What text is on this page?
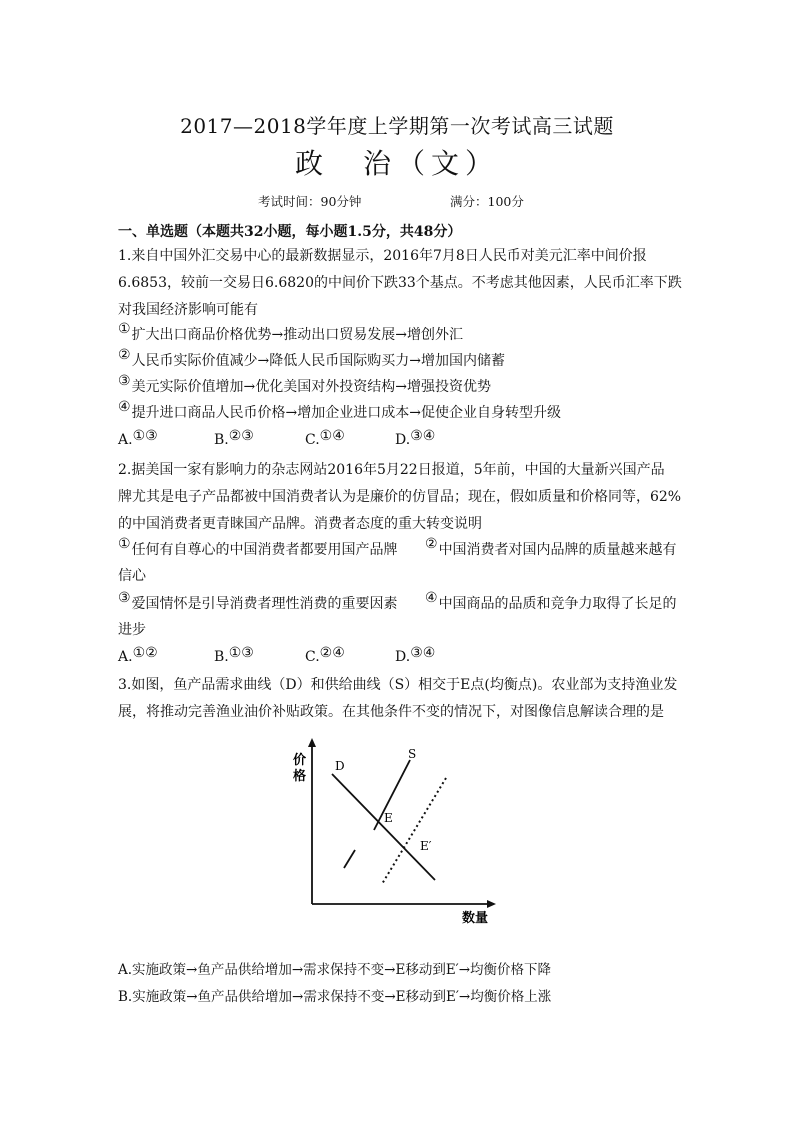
2017—2018学年度上学期第一次考试高三试题
政　治（文）
考试时间：90分钟	满分：100分
一、单选题（本题共32小题，每小题1.5分，共48分）
1.来自中国外汇交易中心的最新数据显示，2016年7月8日人民币对美元汇率中间价报
6.6853，较前一交易日6.6820的中间价下跌33个基点。不考虑其他因素，人民币汇率下跌
对我国经济影响可能有
①扩大出口商品价格优势→推动出口贸易发展→增创外汇
②人民币实际价值减少→降低人民币国际购买力→增加国内储蓄
③美元实际价值增加→优化美国对外投资结构→增强投资优势
④提升进口商品人民币价格→增加企业进口成本→促使企业自身转型升级
A.①③	B.②③	C.①④	D.③④
2.据美国一家有影响力的杂志网站2016年5月22日报道，5年前，中国的大量新兴国产品
牌尤其是电子产品都被中国消费者认为是廉价的仿冒品；现在，假如质量和价格同等，62%
的中国消费者更青睐国产品牌。消费者态度的重大转变说明
①任何有自尊心的中国消费者都要用国产品牌 ②中国消费者对国内品牌的质量越来越有
信心
③爱国情怀是引导消费者理性消费的重要因素 ④中国商品的品质和竞争力取得了长足的
进步
A.①②	B.①③	C.②④	D.③④
3.如图，鱼产品需求曲线（D）和供给曲线（S）相交于E点(均衡点)。农业部为支持渔业发
展，将推动完善渔业油价补贴政策。在其他条件不变的情况下，对图像信息解读合理的是
价
格
数量
D
S
E
E′
A.实施政策→鱼产品供给增加→需求保持不变→E移动到E′→均衡价格下降
B.实施政策→鱼产品供给增加→需求保持不变→E移动到E′→均衡价格上涨
